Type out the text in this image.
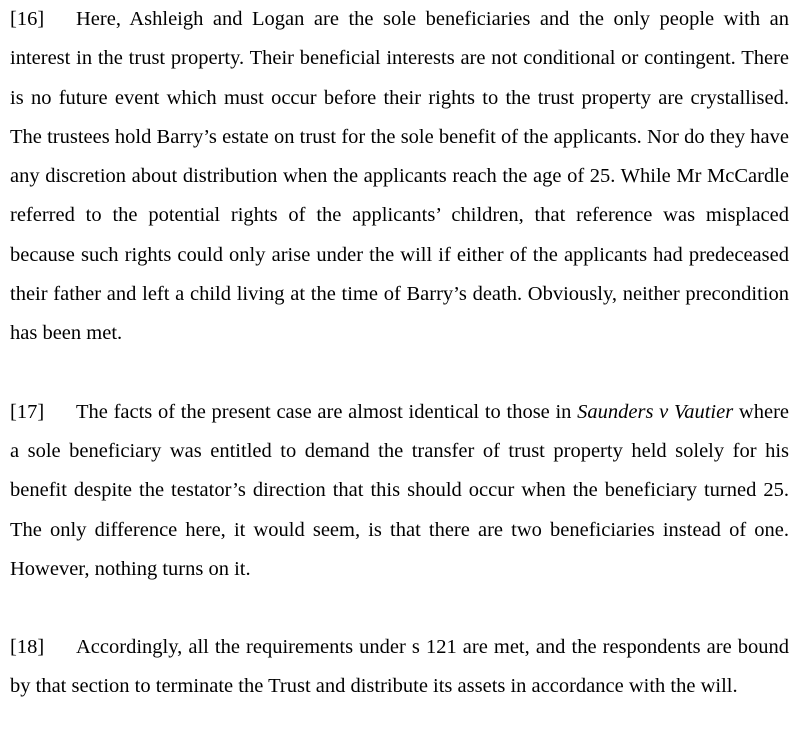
[16] Here, Ashleigh and Logan are the sole beneficiaries and the only people with an interest in the trust property. Their beneficial interests are not conditional or contingent. There is no future event which must occur before their rights to the trust property are crystallised. The trustees hold Barry’s estate on trust for the sole benefit of the applicants. Nor do they have any discretion about distribution when the applicants reach the age of 25. While Mr McCardle referred to the potential rights of the applicants’ children, that reference was misplaced because such rights could only arise under the will if either of the applicants had predeceased their father and left a child living at the time of Barry’s death. Obviously, neither precondition has been met.

[17] The facts of the present case are almost identical to those in Saunders v Vautier where a sole beneficiary was entitled to demand the transfer of trust property held solely for his benefit despite the testator’s direction that this should occur when the beneficiary turned 25. The only difference here, it would seem, is that there are two beneficiaries instead of one. However, nothing turns on it.

[18] Accordingly, all the requirements under s 121 are met, and the respondents are bound by that section to terminate the Trust and distribute its assets in accordance with the will.
